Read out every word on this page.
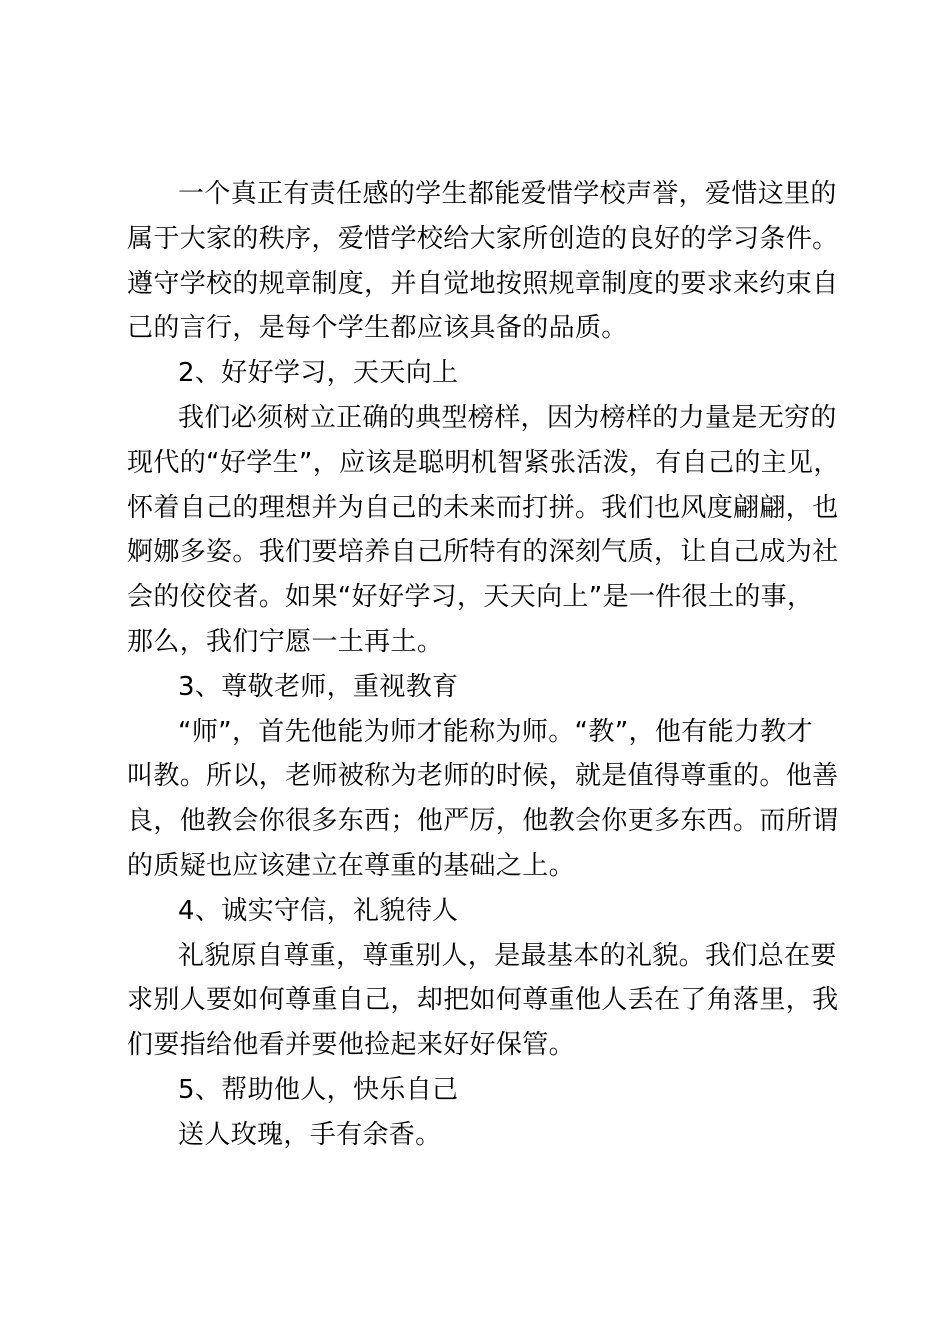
一个真正有责任感的学生都能爱惜学校声誉，爱惜这里的
属于大家的秩序，爱惜学校给大家所创造的良好的学习条件。
遵守学校的规章制度，并自觉地按照规章制度的要求来约束自
己的言行，是每个学生都应该具备的品质。
2、好好学习，天天向上
我们必须树立正确的典型榜样，因为榜样的力量是无穷的
现代的“好学生”，应该是聪明机智紧张活泼，有自己的主见，
怀着自己的理想并为自己的未来而打拼。我们也风度翩翩，也
婀娜多姿。我们要培养自己所特有的深刻气质，让自己成为社
会的佼佼者。如果“好好学习，天天向上”是一件很土的事，
那么，我们宁愿一土再土。
3、尊敬老师，重视教育
“师”，首先他能为师才能称为师。“教”，他有能力教才
叫教。所以，老师被称为老师的时候，就是值得尊重的。他善
良，他教会你很多东西；他严厉，他教会你更多东西。而所谓
的质疑也应该建立在尊重的基础之上。
4、诚实守信，礼貌待人
礼貌原自尊重，尊重别人，是最基本的礼貌。我们总在要
求别人要如何尊重自己，却把如何尊重他人丢在了角落里，我
们要指给他看并要他捡起来好好保管。
5、帮助他人，快乐自己
送人玫瑰，手有余香。
